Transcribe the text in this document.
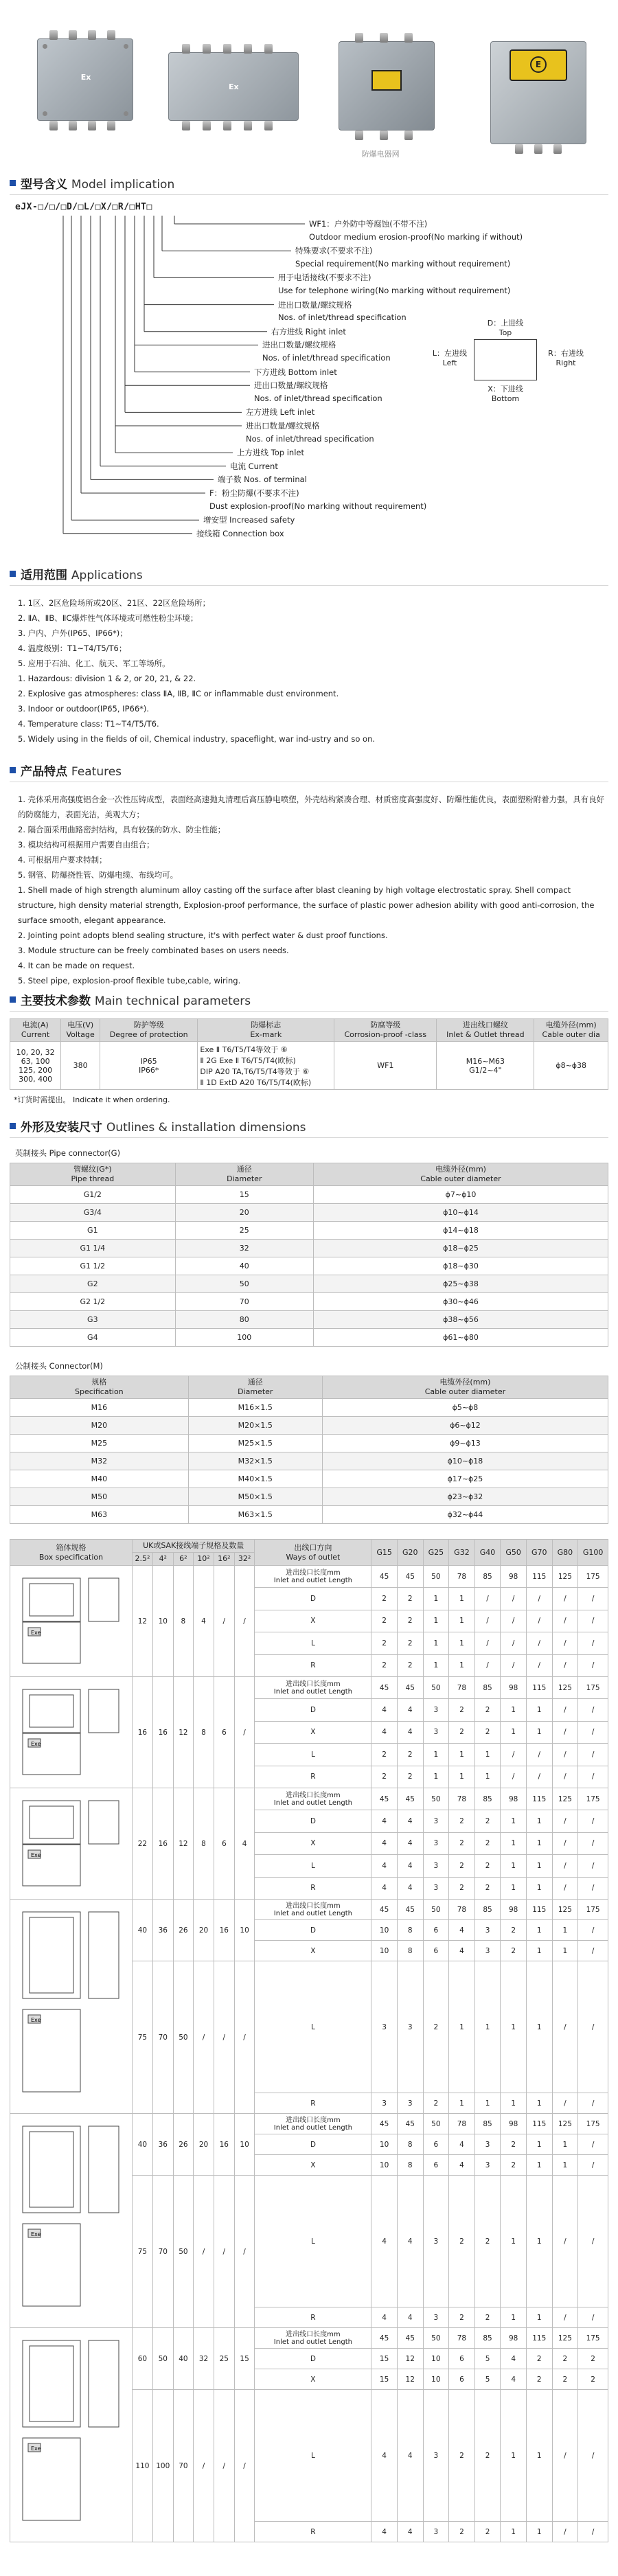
Ex
Ex
防爆电器网
E
型号含义 Model implication
eJX-□/□/□D/□L/□X/□R/□HT□
WF1：户外防中等腐蚀(不带不注)
Outdoor medium erosion-proof(No marking if without)
特殊要求(不要求不注)
Special requirement(No marking without requirement)
用于电话接线(不要求不注)
Use for telephone wiring(No marking without requirement)
进出口数量/螺纹规格
Nos. of inlet/thread specification
右方进线 Right inlet
进出口数量/螺纹规格
Nos. of inlet/thread specification
下方进线 Bottom inlet
进出口数量/螺纹规格
Nos. of inlet/thread specification
左方进线 Left inlet
进出口数量/螺纹规格
Nos. of inlet/thread specification
上方进线 Top inlet
电流 Current
端子数 Nos. of terminal
F：粉尘防爆(不要求不注)
Dust explosion-proof(No marking without requirement)
增安型 Increased safety
接线箱 Connection box
D：上进线
Top
L：左进线
Left
R：右进线
Right
X：下进线
Bottom
适用范围 Applications

1. 1区、2区危险场所或20区、21区、22区危险场所；

2. ⅡA、ⅡB、ⅡC爆炸性气体环境或可燃性粉尘环境；

3. 户内、户外(IP65、IP66*)；

4. 温度级别：T1~T4/T5/T6；

5. 应用于石油、化工、航天、军工等场所。

1. Hazardous: division 1 & 2, or 20, 21, & 22.

2. Explosive gas atmospheres: class ⅡA, ⅡB, ⅡC or inflammable dust environment.

3. Indoor or outdoor(IP65, IP66*).

4. Temperature class: T1~T4/T5/T6.

5. Widely using in the fields of oil, Chemical industry, spaceflight, war ind-ustry and so on.

产品特点 Features

1. 壳体采用高强度铝合金一次性压铸成型，表面经高速抛丸清理后高压静电喷塑，外壳结构紧凑合理、材质密度高强度好、防爆性能优良，表面塑粉附着力强，具有良好的防腐能力，表面光洁，美观大方；

2. 隔合面采用曲路密封结构，具有较强的防水、防尘性能；

3. 模块结构可根据用户需要自由组合；

4. 可根据用户要求特制；

5. 钢管、防爆挠性管、防爆电缆、布线均可。

1. Shell made of high strength aluminum alloy casting off the surface after blast cleaning by high voltage electrostatic spray. Shell compact structure, high density material strength, Explosion-proof performance, the surface of plastic power adhesion ability with good anti-corrosion, the surface smooth, elegant appearance.

2. Jointing point adopts blend sealing structure, it's with perfect water & dust proof functions.

3. Module structure can be freely combinated bases on users needs.

4. It can be made on request.

5. Steel pipe, explosion-proof flexible tube,cable, wiring.

主要技术参数 Main technical parameters
电流(A)
Current	电压(V)
Voltage	防护等级
Degree of protection	防爆标志
Ex-mark	防腐等级
Corrosion-proof -class	进出线口螺纹
Inlet & Outlet thread	电缆外径(mm)
Cable outer dia
10, 20, 32
63, 100
125, 200
300, 400	380	IP65
IP66*	Exe Ⅱ T6/T5/T4等效于 ⑥
Ⅱ 2G Exe Ⅱ T6/T5/T4(欧标)
DIP A20 TA,T6/T5/T4等效于 ⑥
Ⅱ 1D ExtD A20 T6/T5/T4(欧标)	WF1	M16~M63
G1/2~4"	ϕ8~ϕ38
*订货时需提出。 Indicate it when ordering.
外形及安装尺寸 Outlines & installation dimensions
英制接头 Pipe connector(G)
管螺纹(G*)
Pipe thread	通径
Diameter	电缆外径(mm)
Cable outer diameter
G1/2	15	ϕ7~ϕ10
G3/4	20	ϕ10~ϕ14
G1	25	ϕ14~ϕ18
G1 1/4	32	ϕ18~ϕ25
G1 1/2	40	ϕ18~ϕ30
G2	50	ϕ25~ϕ38
G2 1/2	70	ϕ30~ϕ46
G3	80	ϕ38~ϕ56
G4	100	ϕ61~ϕ80
公制接头 Connector(M)
规格
Specification	通径
Diameter	电缆外径(mm)
Cable outer diameter
M16	M16×1.5	ϕ5~ϕ8
M20	M20×1.5	ϕ6~ϕ12
M25	M25×1.5	ϕ9~ϕ13
M32	M32×1.5	ϕ10~ϕ18
M40	M40×1.5	ϕ17~ϕ25
M50	M50×1.5	ϕ23~ϕ32
M63	M63×1.5	ϕ32~ϕ44
箱体规格
Box specification	UK或SAK接线端子规格及数量						出线口方向
Ways of outlet	G15	G20	G25	G32	G40	G50	G70	G80	G100
	2.5²	4²	6²	10²	16²	32²										

Exe	12	10	8	4	/	/	进出线口长度mm
Inlet and outlet Length	45	45	50	78	85	98	115	125	175
							D	2	2	1	1	/	/	/	/	/
							X	2	2	1	1	/	/	/	/	/
							L	2	2	1	1	/	/	/	/	/
							R	2	2	1	1	/	/	/	/	/

Exe	16	16	12	8	6	/	进出线口长度mm
Inlet and outlet Length	45	45	50	78	85	98	115	125	175
							D	4	4	3	2	2	1	1	/	/
							X	4	4	3	2	2	1	1	/	/
							L	2	2	1	1	1	/	/	/	/
							R	2	2	1	1	1	/	/	/	/

Exe	22	16	12	8	6	4	进出线口长度mm
Inlet and outlet Length	45	45	50	78	85	98	115	125	175
							D	4	4	3	2	2	1	1	/	/
							X	4	4	3	2	2	1	1	/	/
							L	4	4	3	2	2	1	1	/	/
							R	4	4	3	2	2	1	1	/	/

Exe	40	36	26	20	16	10	进出线口长度mm
Inlet and outlet Length	45	45	50	78	85	98	115	125	175
							D	10	8	6	4	3	2	1	1	/
							X	10	8	6	4	3	2	1	1	/
	75	70	50	/	/	/	L	3	3	2	1	1	1	1	/	/
							R	3	3	2	1	1	1	1	/	/

Exe	40	36	26	20	16	10	进出线口长度mm
Inlet and outlet Length	45	45	50	78	85	98	115	125	175
							D	10	8	6	4	3	2	1	1	/
							X	10	8	6	4	3	2	1	1	/
	75	70	50	/	/	/	L	4	4	3	2	2	1	1	/	/
							R	4	4	3	2	2	1	1	/	/

Exe	60	50	40	32	25	15	进出线口长度mm
Inlet and outlet Length	45	45	50	78	85	98	115	125	175
							D	15	12	10	6	5	4	2	2	2
							X	15	12	10	6	5	4	2	2	2
	110	100	70	/	/	/	L	4	4	3	2	2	1	1	/	/
							R	4	4	3	2	2	1	1	/	/
